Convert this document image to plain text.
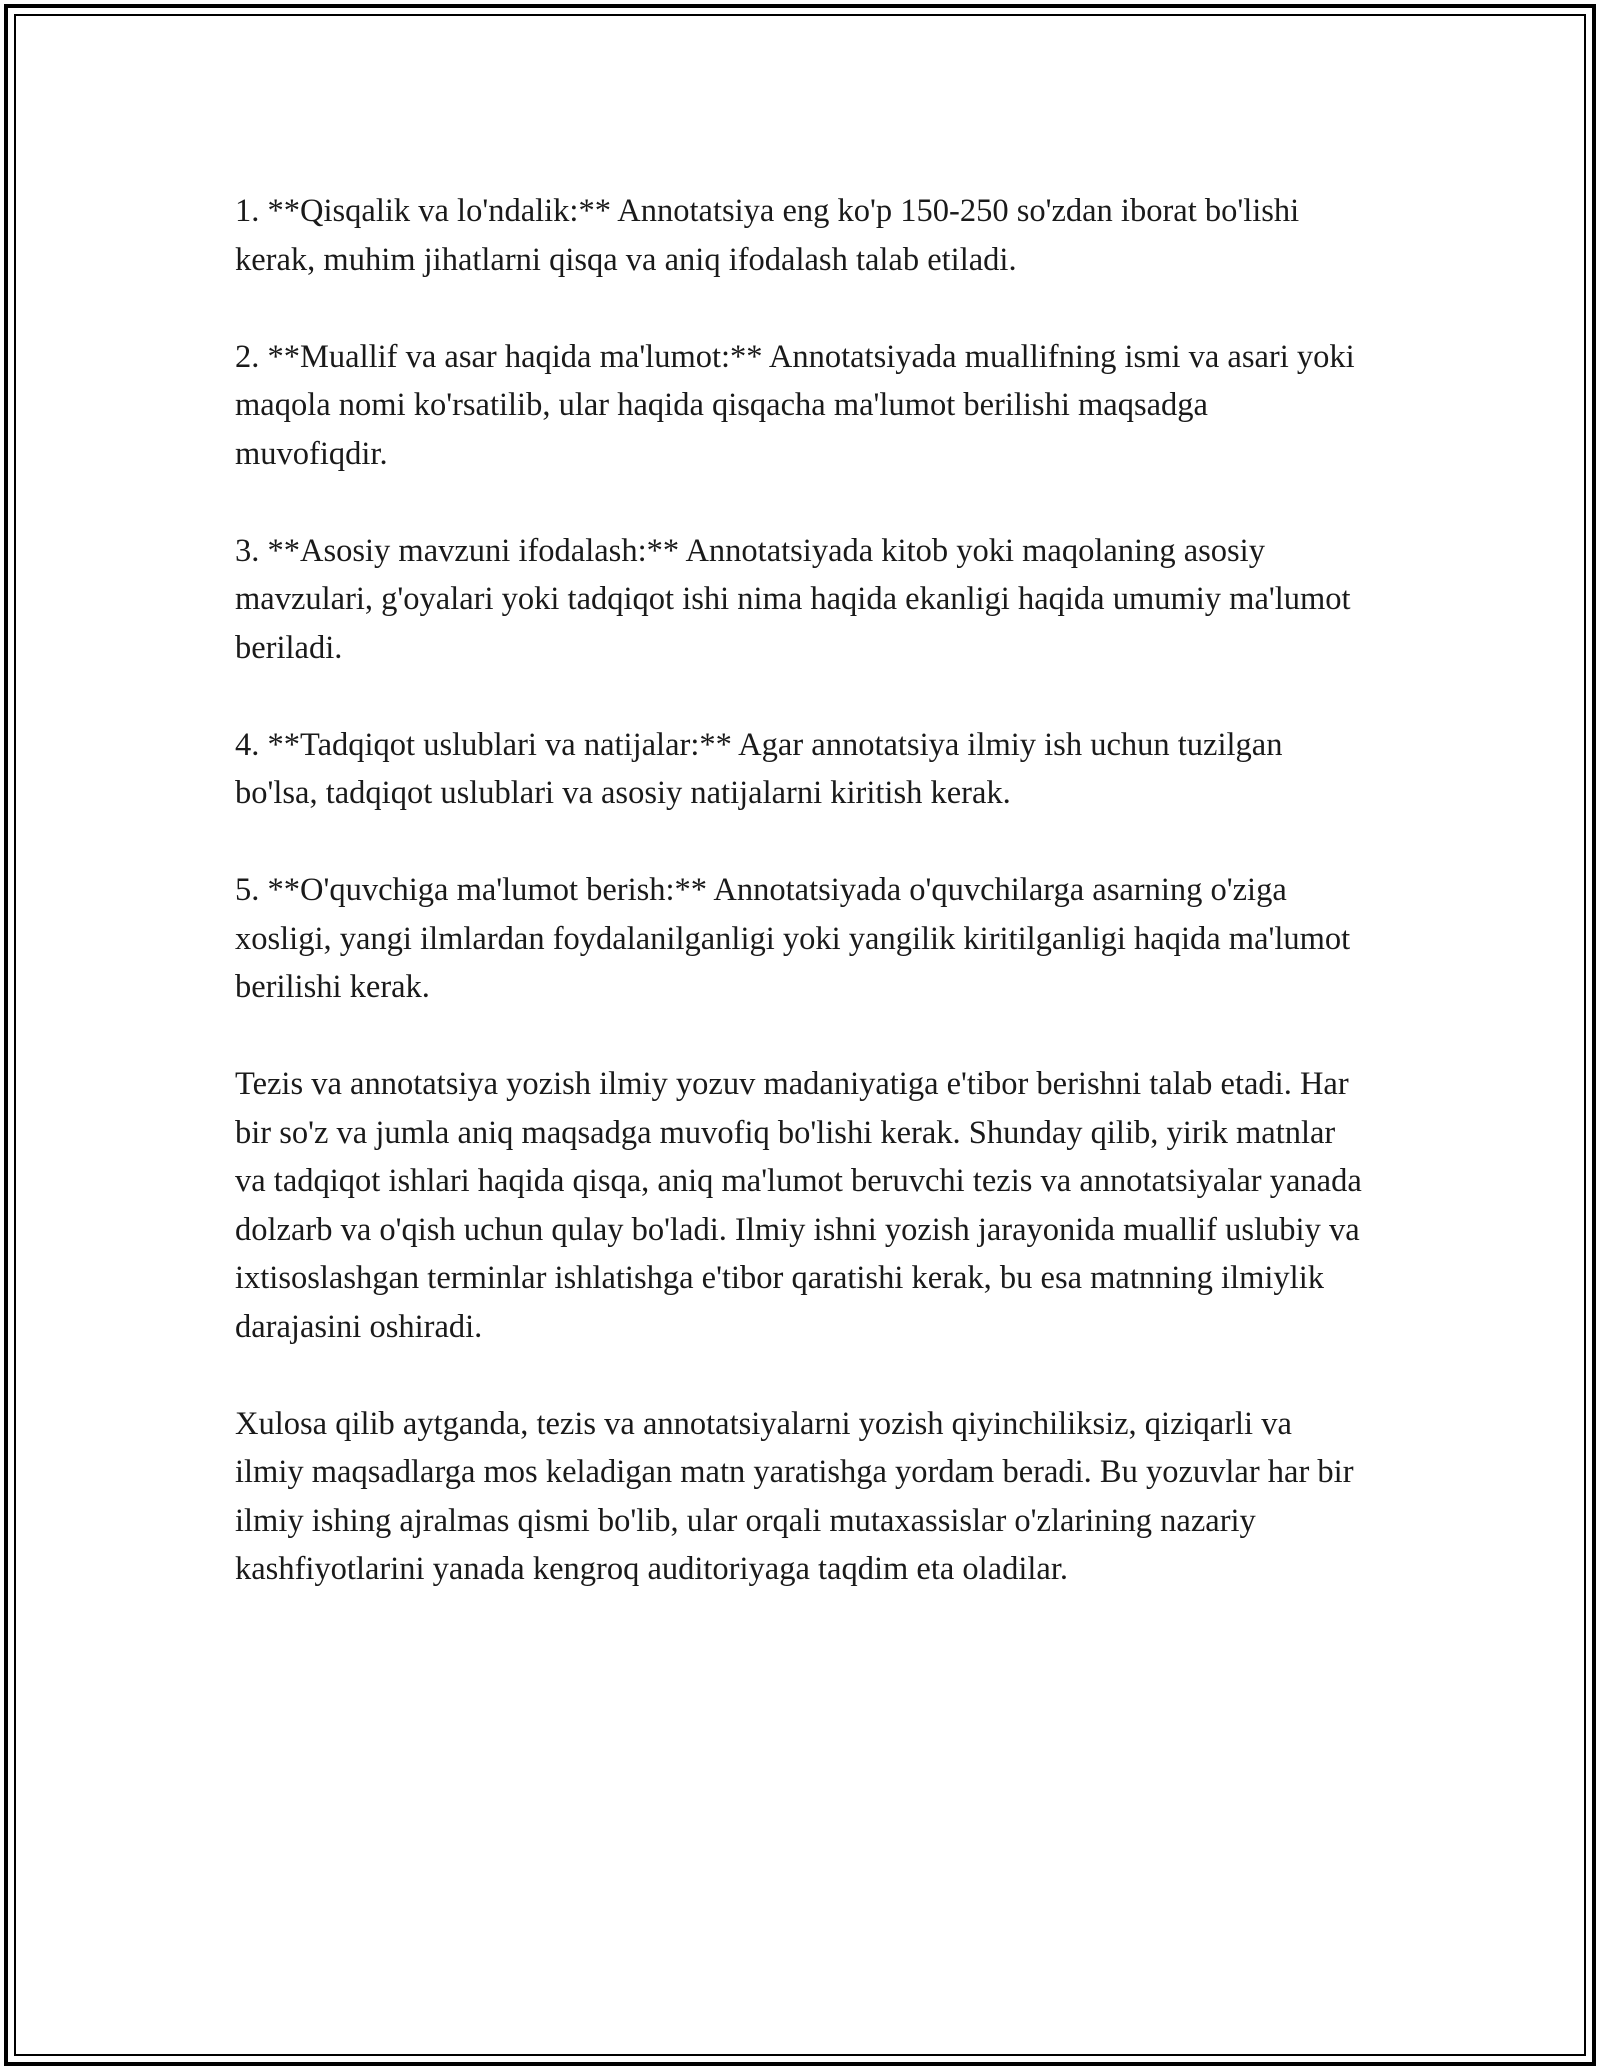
1. **Qisqalik va lo'ndalik:** Annotatsiya eng ko'p 150-250 so'zdan iborat bo'lishi kerak, muhim jihatlarni qisqa va aniq ifodalash talab etiladi.

2. **Muallif va asar haqida ma'lumot:** Annotatsiyada muallifning ismi va asari yoki maqola nomi ko'rsatilib, ular haqida qisqacha ma'lumot berilishi maqsadga muvofiqdir.

3. **Asosiy mavzuni ifodalash:** Annotatsiyada kitob yoki maqolaning asosiy mavzulari, g'oyalari yoki tadqiqot ishi nima haqida ekanligi haqida umumiy ma'lumot beriladi.

4. **Tadqiqot uslublari va natijalar:** Agar annotatsiya ilmiy ish uchun tuzilgan bo'lsa, tadqiqot uslublari va asosiy natijalarni kiritish kerak.

5. **O'quvchiga ma'lumot berish:** Annotatsiyada o'quvchilarga asarning o'ziga xosligi, yangi ilmlardan foydalanilganligi yoki yangilik kiritilganligi haqida ma'lumot berilishi kerak.

Tezis va annotatsiya yozish ilmiy yozuv madaniyatiga e'tibor berishni talab etadi. Har bir so'z va jumla aniq maqsadga muvofiq bo'lishi kerak. Shunday qilib, yirik matnlar va tadqiqot ishlari haqida qisqa, aniq ma'lumot beruvchi tezis va annotatsiyalar yanada dolzarb va o'qish uchun qulay bo'ladi. Ilmiy ishni yozish jarayonida muallif uslubiy va ixtisoslashgan terminlar ishlatishga e'tibor qaratishi kerak, bu esa matnning ilmiylik darajasini oshiradi.

Xulosa qilib aytganda, tezis va annotatsiyalarni yozish qiyinchiliksiz, qiziqarli va ilmiy maqsadlarga mos keladigan matn yaratishga yordam beradi. Bu yozuvlar har bir ilmiy ishing ajralmas qismi bo'lib, ular orqali mutaxassislar o'zlarining nazariy kashfiyotlarini yanada kengroq auditoriyaga taqdim eta oladilar.
